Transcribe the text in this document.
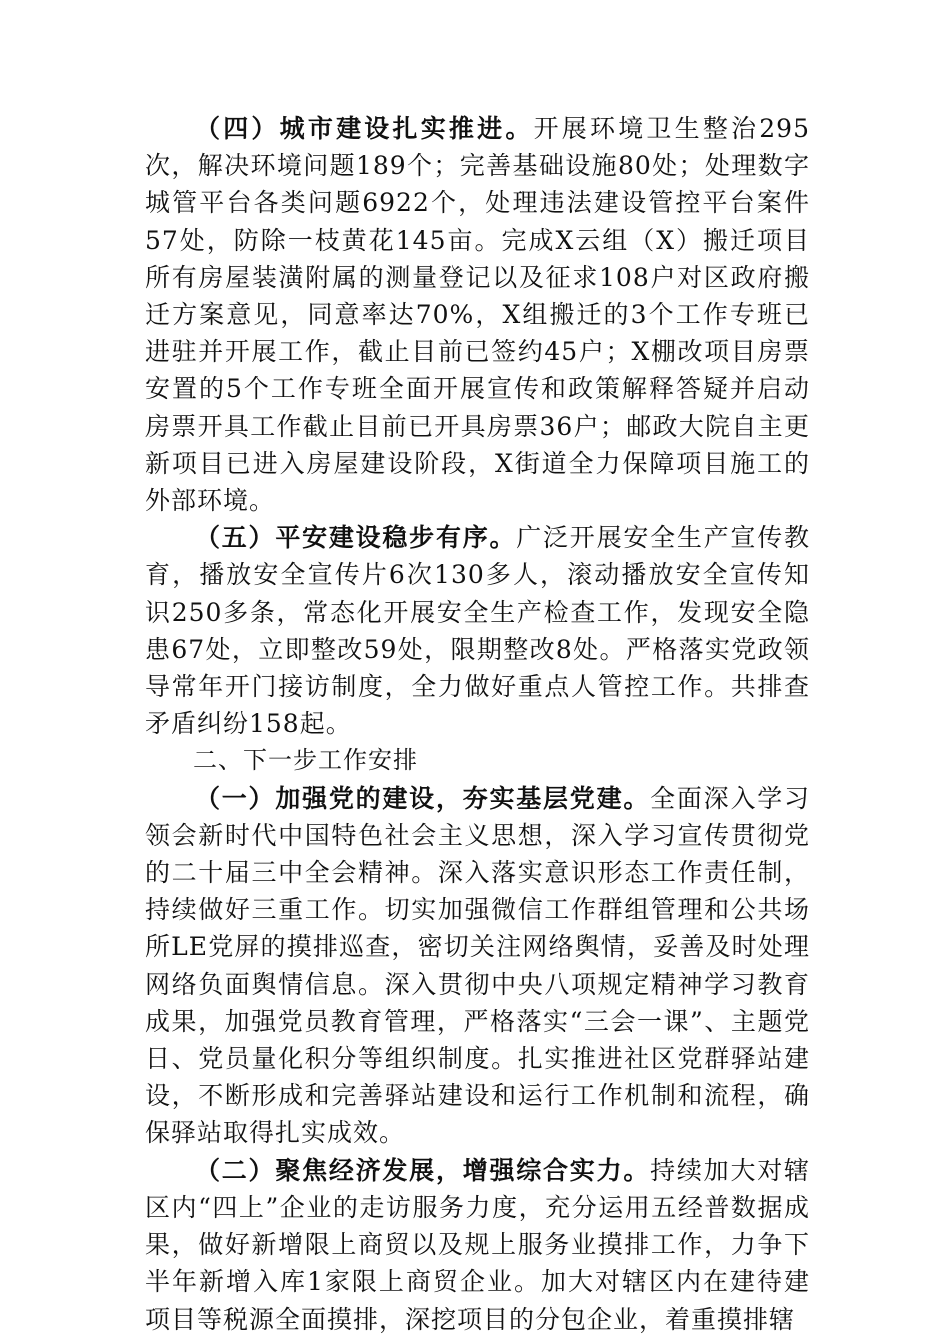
（四）城市建设扎实推进。开展环境卫生整治295次，解决环境问题189个；完善基础设施80处；处理数字城管平台各类问题6922个，处理违法建设管控平台案件57处，防除一枝黄花145亩。完成X云组（X）搬迁项目所有房屋装潢附属的测量登记以及征求108户对区政府搬迁方案意见，同意率达70%，X组搬迁的3个工作专班已进驻并开展工作，截止目前已签约45户；X棚改项目房票安置的5个工作专班全面开展宣传和政策解释答疑并启动房票开具工作截止目前已开具房票36户；邮政大院自主更新项目已进入房屋建设阶段，X街道全力保障项目施工的外部环境。

（五）平安建设稳步有序。广泛开展安全生产宣传教育，播放安全宣传片6次130多人，滚动播放安全宣传知识250多条，常态化开展安全生产检查工作，发现安全隐患67处，立即整改59处，限期整改8处。严格落实党政领导常年开门接访制度，全力做好重点人管控工作。共排查矛盾纠纷158起。

二、下一步工作安排

（一）加强党的建设，夯实基层党建。全面深入学习领会新时代中国特色社会主义思想，深入学习宣传贯彻党的二十届三中全会精神。深入落实意识形态工作责任制，持续做好三重工作。切实加强微信工作群组管理和公共场所LE党屏的摸排巡查，密切关注网络舆情，妥善及时处理网络负面舆情信息。深入贯彻中央八项规定精神学习教育成果，加强党员教育管理，严格落实“三会一课”、主题党日、党员量化积分等组织制度。扎实推进社区党群驿站建设，不断形成和完善驿站建设和运行工作机制和流程，确保驿站取得扎实成效。

（二）聚焦经济发展，增强综合实力。持续加大对辖区内“四上”企业的走访服务力度，充分运用五经普数据成果，做好新增限上商贸以及规上服务业摸排工作，力争下半年新增入库1家限上商贸企业。加大对辖区内在建待建项目等税源全面摸排，深挖项目的分包企业，着重摸排辖
